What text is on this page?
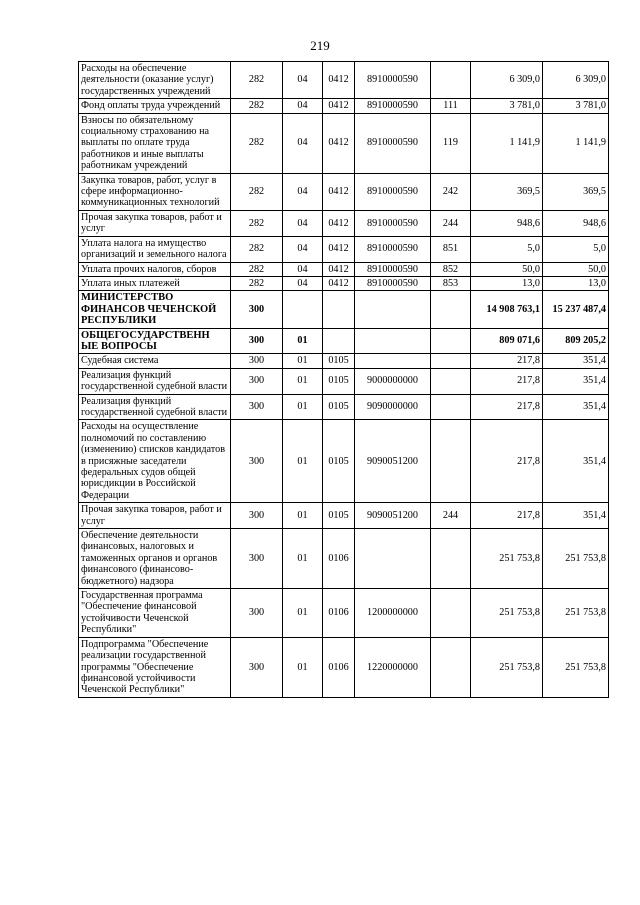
219
Расходы на обеспечение деятельности (оказание услуг) государственных учреждений	282	04	0412	8910000590		6 309,0	6 309,0
Фонд оплаты труда учреждений	282	04	0412	8910000590	111	3 781,0	3 781,0
Взносы по обязательному социальному страхованию на выплаты по оплате труда работников и иные выплаты работникам учреждений	282	04	0412	8910000590	119	1 141,9	1 141,9
Закупка товаров, работ, услуг в сфере информационно-коммуникационных технологий	282	04	0412	8910000590	242	369,5	369,5
Прочая закупка товаров, работ и услуг	282	04	0412	8910000590	244	948,6	948,6
Уплата налога на имущество организаций и земельного налога	282	04	0412	8910000590	851	5,0	5,0
Уплата прочих налогов, сборов	282	04	0412	8910000590	852	50,0	50,0
Уплата иных платежей	282	04	0412	8910000590	853	13,0	13,0
МИНИСТЕРСТВО ФИНАНСОВ ЧЕЧЕНСКОЙ РЕСПУБЛИКИ	300					14 908 763,1	15 237 487,4
ОБЩЕГОСУДАРСТВЕНН ЫЕ ВОПРОСЫ	300	01				809 071,6	809 205,2
Судебная система	300	01	0105			217,8	351,4
Реализация функций государственной судебной власти	300	01	0105	9000000000		217,8	351,4
Реализация функций государственной судебной власти	300	01	0105	9090000000		217,8	351,4
Расходы на осуществление полномочий по составлению (изменению) списков кандидатов в присяжные заседатели федеральных судов общей юрисдикции в Российской Федерации	300	01	0105	9090051200		217,8	351,4
Прочая закупка товаров, работ и услуг	300	01	0105	9090051200	244	217,8	351,4
Обеспечение деятельности финансовых, налоговых и таможенных органов и органов финансового (финансово-бюджетного) надзора	300	01	0106			251 753,8	251 753,8
Государственная программа "Обеспечение финансовой устойчивости Чеченской Республики"	300	01	0106	1200000000		251 753,8	251 753,8
Подпрограмма "Обеспечение реализации государственной программы "Обеспечение финансовой устойчивости Чеченской Республики"	300	01	0106	1220000000		251 753,8	251 753,8
